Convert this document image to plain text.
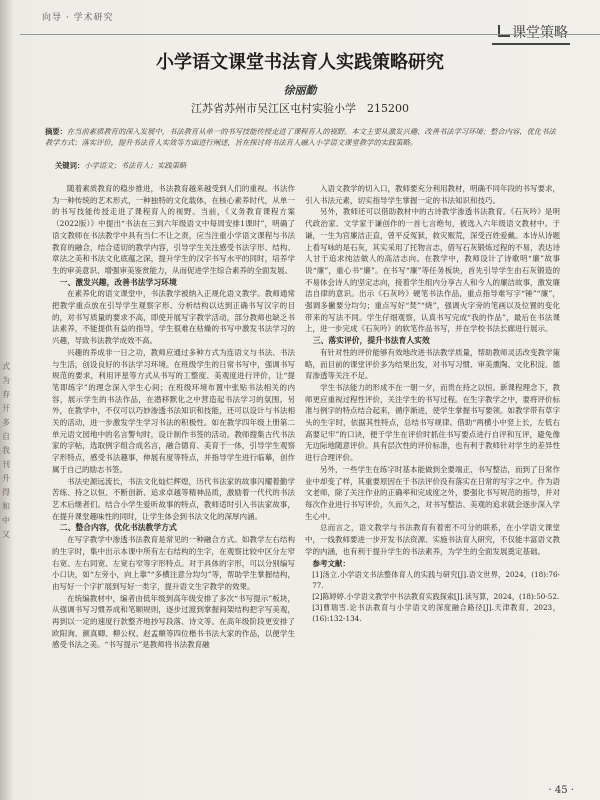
向导 · 学术研究
课堂策略
小学语文课堂书法育人实践策略研究
徐丽勤
江苏省苏州市吴江区屯村实验小学　215200
摘要：在当前素质教育的深入发展中，书法教育从单一的书写技能传授走进了课程育人的视野。本文主要从激发兴趣、改善书法学习环境；整合内容，优化书法教学方式；落实评价，提升书法育人实效等方面进行阐述，旨在探讨将书法育人融入小学语文课堂教学的实践策略。
关键词：小学语文；书法育人；实践策略

随着素质教育的稳步推进，书法教育越来越受到人们的重视。书法作为一种传统的艺术形式，一种独特的文化载体，在核心素养时代，从单一的书写技能传授走进了课程育人的视野。当前，《义务教育课程方案（2022版）》中提出“书法在三到六年级语文中每周安排1课时”，明确了语文教师在书法教学中具有当仁不让之责，应当注重小学语文课程与书法教育的融合，结合适切的教学内容，引导学生关注感受书法字形、结构、章法之美和书法文化底蕴之深，提升学生的汉字书写水平的同时，培养学生的审美意识、增强审美鉴赏能力，从而促进学生综合素养的全面发展。

一、激发兴趣，改善书法学习环境

在素养化的语文课堂中，书法教学被纳入正规化语文教学。教师通常把教学重点放在引导学生观察字形、分析结构以达到正确书写汉字的目的，对书写质量的要求不高，即使开展写字教学活动，部分教师也缺乏书法素养，不能提供有益的指导，学生很难在枯燥的书写中激发书法学习的兴趣，导致书法教学成效不高。

兴趣的养成非一日之功，教师应通过多种方式为连语文与书法、书法与生活，创设良好的书法学习环境。在班级学生的日常书写中，强调书写规范的要求，利用评星等方式从书写的工整度、美观度进行评价，让“提笔即练字”的理念深入学生心间；在班级环境布置中张贴书法相关的内容，展示学生的书法作品，在潜移默化之中营造起书法学习的氛围。另外，在教学中，不仅可以巧妙渗透书法知识和技能，还可以设计与书法相关的活动，进一步激发学生学习书法的积极性。如在教学四年级上册第二单元语文园地中的名言警句时，设计制作书签的活动。教师搜集古代书法家的字帖，选取例字组合成名言，融合德育、美育于一体，引导学生观察字形特点，感受书法趣事，伸展有度等特点，并指导学生进行临摹，创作属于自己的励志书签。

书法史源远流长，书法文化灿烂辉煌，历代书法家的故事闪耀着勤学苦练、持之以恒、不断创新、追求卓越等精神品质，激励着一代代的书法艺术后继者们。结合小学生爱听故事的特点，教师适时引入书法家故事，在提升课堂趣味性的同时，让学生体会到书法文化的深厚内涵。

二、整合内容，优化书法教学方式

在写字教学中渗透书法教育是常见的一种融合方式。如教学左右结构的生字时，集中出示本课中所有左右结构的生字，在观察比较中区分左窄右宽、左右同宽、左宽右窄等字形特点。对于具体的字形，可以分别编写小口诀，如“左旁小，向上靠”“多横注意分均匀”等，帮助学生掌握结构，由写好一个字扩展到写好一类字，提升语文生字教学的效果。

在统编教材中，编者由低年级到高年级安排了多次“书写提示”板块，从强调书写习惯养成和笔顺规则，逐步过渡到掌握间架结构把字写美观，再到以一定的速度行款整齐地抄写段落、诗文等。在高年级阶段更安排了欧阳询、颜真卿、柳公权、赵孟頫等四位楷书书法大家的作品，以便学生感受书法之美。“书写提示”是教师将书法教育融

入语文教学的切入口，教师要充分利用教材，明确不同年段的书写要求，引入书法元素，切实指导学生掌握一定的书法知识和技巧。

另外，教师还可以借助教材中的古诗教学渗透书法教育。《石灰吟》是明代政治家、文学家于谦创作的一首七言绝句，被选入六年级语文教材中。于谦，一生为官廉洁正直，曾平反冤狱，救灾赈荒，深受百姓爱戴。本诗从诗题上看写咏的是石灰，其实采用了托物言志，借写石灰锻炼过程的不易，表达诗人甘于追求纯洁做人的高洁志向。在教学中，教师设计了诗歌明“廉”故事说“廉”，重心书“廉”。在书写“廉”等任务板块，首先引导学生由石灰锻造的不易体会诗人的坚定志向，接着学生组内分享古人和今人的廉洁故事，激发廉洁自律的意识。出示《石灰吟》硬笔书法作品，重点指导难写字“锤”“廉”，强调多撇要分均匀；重点写好“焚”“烧”，强调火字旁的笔画以及位置的变化带来的写法不同。学生仔细观察，认真书写完成“我的作品”，最后在书法课上，进一步完成《石灰吟》的软笔作品书写，并在学校书法长廊进行展示。

三、落实评价，提升书法育人实效

有针对性的评价能够有效地改进书法教学质量，帮助教师灵活改变教学策略，而目前的课堂评价多为结果出发，对书写习惯、审美熏陶、文化积淀、德育渗透等关注不足。

学生书法能力的形成不在一朝一夕，而贵在持之以恒。新课程理念下，教师更应重视过程性评价，关注学生的书写过程。在生字教学之中，要将评价标准与例字的特点结合起来，循序渐进，使学生掌握书写要领。如教学带有草字头的生字时，依据其性特点，总结书写规律。借助“两横小中竖上长，左低右高要记牢”的口诀，便于学生在评价时抓住书写要点进行自评和互评，避免像无边际地随意评价。具有层次性的评价标准，也有利于教师针对学生的差异性进行合理评价。

另外，一些学生在练字时基本能做到全要端正、书写整洁，而到了日常作业中却变了样，其重要原因在于书法评价没有落实在日常的写字之中。作为语文老师，除了关注作业的正确率和完成度之外，要强化书写规范的指导，并对每次作业进行书写评价，久而久之，对书写整洁、美观的追求就会逐步深入学生心中。

总而言之，语文教学与书法教育有着密不可分的联系，在小学语文课堂中，一线教师要进一步开发书法资源、实施书法育人研究，不仅能丰富语文教学的内涵，也有利于提升学生的书法素养，为学生的全面发展奠定基础。

参考文献：

[1]汤立.小学语文书法整体育人的实践与研究[J].语文世界，2024，(18):76-77.

[2]陈婷婷.小学语文教学中书法教育实践探索[J].读写算，2024，(18):50-52.

[3]曹瑞雪.论书法教育与小学语文的深度融合路径[J].天津教育，2023，(16):132-134.

式
为
弃
开
多
自
我
刊
升
得
和
中
又
· 45 ·
